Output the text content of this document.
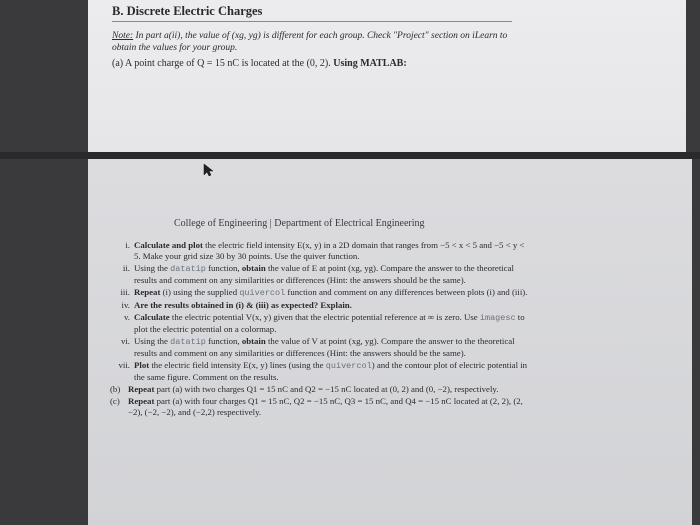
B. Discrete Electric Charges
Note: In part a(ii), the value of (xg, yg) is different for each group. Check "Project" section on iLearn to obtain the values for your group.
(a) A point charge of Q = 15 nC is located at the (0, 2). Using MATLAB:
College of Engineering | Department of Electrical Engineering
i. Calculate and plot the electric field intensity E(x, y) in a 2D domain that ranges from −5 < x < 5 and −5 < y < 5. Make your grid size 30 by 30 points. Use the quiver function.
ii. Using the datatip function, obtain the value of E at point (xg, yg). Compare the answer to the theoretical results and comment on any similarities or differences (Hint: the answers should be the same).
iii. Repeat (i) using the supplied quivercol function and comment on any differences between plots (i) and (iii).
iv. Are the results obtained in (i) & (iii) as expected? Explain.
v. Calculate the electric potential V(x, y) given that the electric potential reference at ∞ is zero. Use imagesc to plot the electric potential on a colormap.
vi. Using the datatip function, obtain the value of V at point (xg, yg). Compare the answer to the theoretical results and comment on any similarities or differences (Hint: the answers should be the same).
vii. Plot the electric field intensity E(x, y) lines (using the quivercol) and the contour plot of electric potential in the same figure. Comment on the results.
(b) Repeat part (a) with two charges Q1 = 15 nC and Q2 = −15 nC located at (0, 2) and (0, −2), respectively.
(c) Repeat part (a) with four charges Q1 = 15 nC, Q2 = −15 nC, Q3 = 15 nC, and Q4 = −15 nC located at (2, 2), (2, −2), (−2, −2), and (−2,2) respectively.
